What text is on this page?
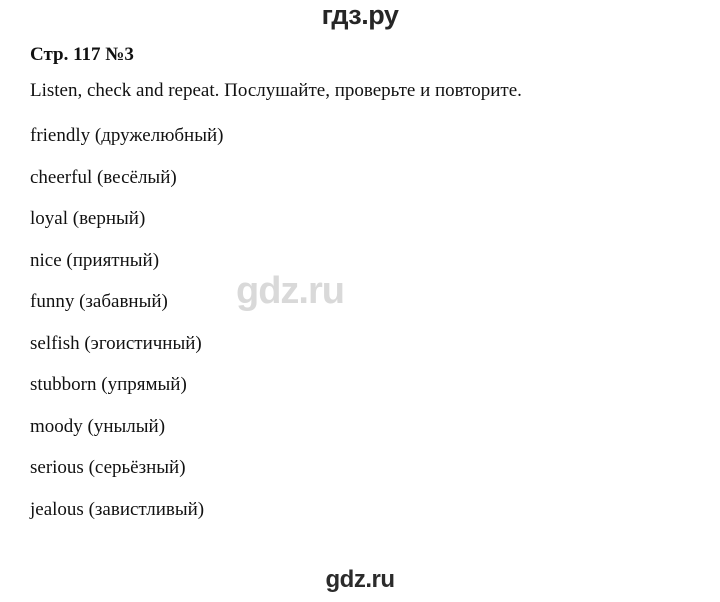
гдз.ру

Стр. 117 №3

Listen, check and repeat. Послушайте, проверьте и повторите.

friendly (дружелюбный)
cheerful (весёлый)
loyal (верный)
nice (приятный)
funny (забавный)
selfish (эгоистичный)
stubborn (упрямый)
moody (унылый)
serious (серьёзный)
jealous (завистливый)
gdz.ru
gdz.ru
